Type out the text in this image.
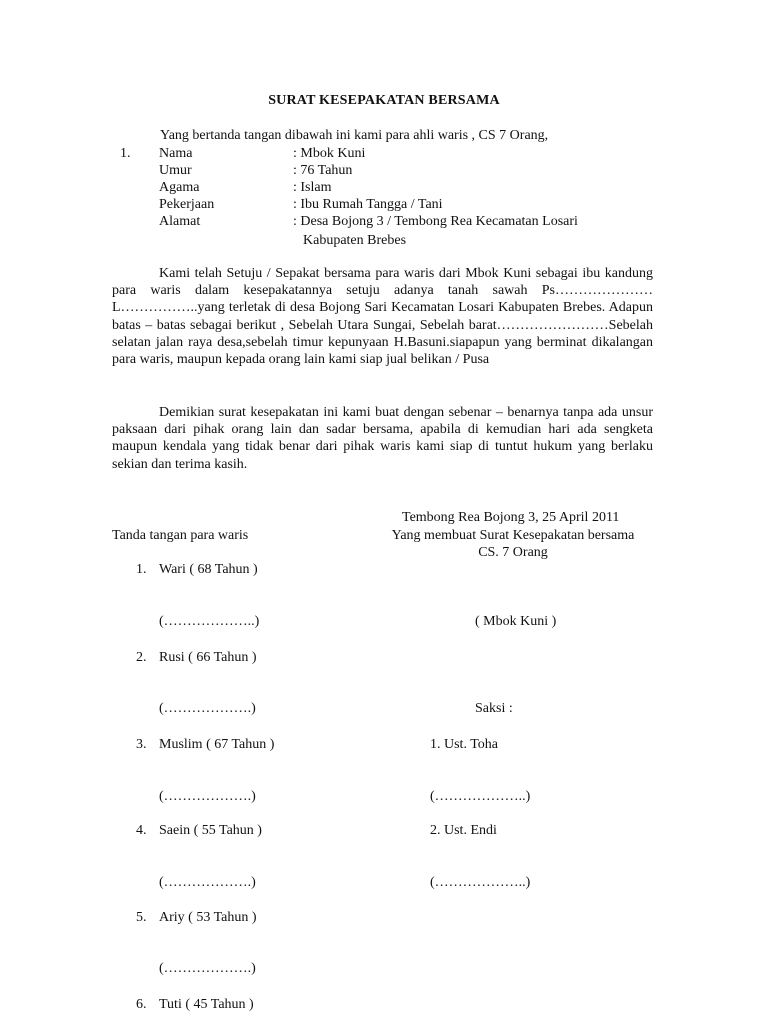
SURAT KESEPAKATAN BERSAMA
Yang bertanda tangan dibawah ini kami para ahli waris , CS 7 Orang,
1. Nama	: Mbok Kuni
Umur	: 76 Tahun
Agama	: Islam
Pekerjaan	: Ibu Rumah Tangga / Tani
Alamat	: Desa Bojong 3 / Tembong Rea Kecamatan Losari
Kabupaten Brebes
Kami telah Setuju / Sepakat bersama para waris dari Mbok Kuni sebagai ibu kandung para waris dalam kesepakatannya setuju adanya tanah sawah Ps…………………L……………..yang terletak di desa Bojong Sari Kecamatan Losari Kabupaten Brebes. Adapun batas – batas sebagai berikut , Sebelah Utara Sungai, Sebelah barat……………………Sebelah selatan jalan raya desa,sebelah timur kepunyaan H.Basuni.siapapun yang berminat dikalangan para waris, maupun kepada orang lain kami siap jual belikan / Pusa
Demikian surat kesepakatan ini kami buat dengan sebenar – benarnya tanpa ada unsur paksaan dari pihak orang lain dan sadar bersama, apabila di kemudian hari ada sengketa maupun kendala yang tidak benar dari pihak waris kami siap di tuntut hukum yang berlaku sekian dan terima kasih.
Tembong Rea Bojong 3, 25 April 2011
Tanda tangan para waris	Yang membuat Surat Kesepakatan bersama
CS. 7 Orang
1. Wari ( 68 Tahun )
(………………..)
2. Rusi ( 66 Tahun )
(……………….)
3. Muslim ( 67 Tahun )
(……………….)
4. Saein ( 55 Tahun )
(……………….)
5. Ariy ( 53 Tahun )
(……………….)
6. Tuti ( 45 Tahun )
( Mbok Kuni )
Saksi :
1. Ust. Toha
(………………..)
2. Ust. Endi
(………………..)
